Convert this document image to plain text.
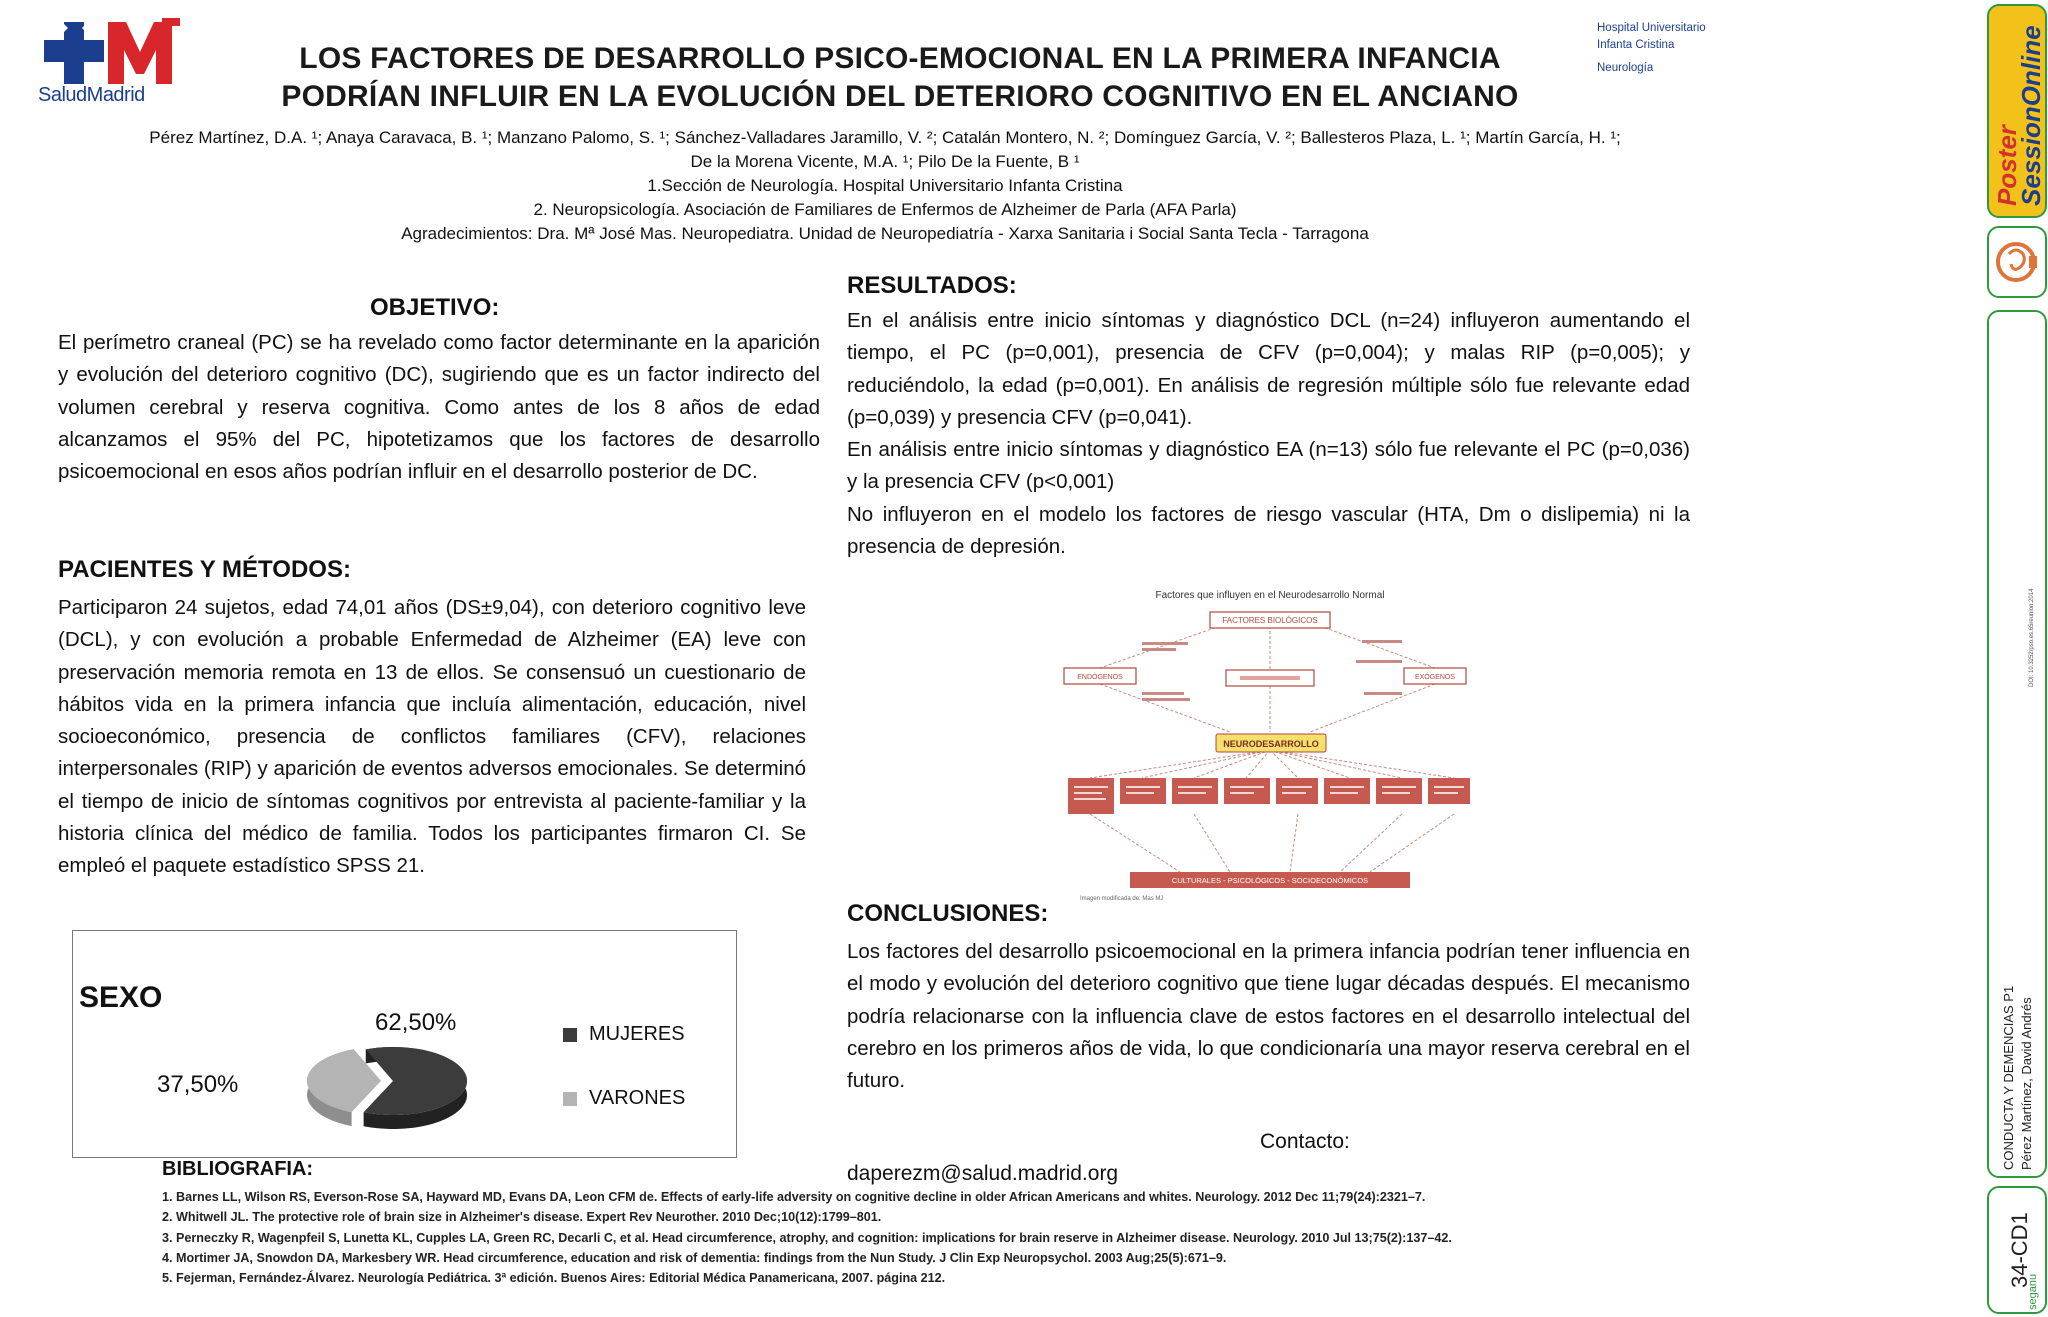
SaludMadrid
LOS FACTORES DE DESARROLLO PSICO-EMOCIONAL EN LA PRIMERA INFANCIA
PODRÍAN INFLUIR EN LA EVOLUCIÓN DEL DETERIORO COGNITIVO EN EL ANCIANO
Hospital Universitario
Infanta Cristina
Neurología
Pérez Martínez, D.A. ¹; Anaya Caravaca, B. ¹; Manzano Palomo, S. ¹; Sánchez-Valladares Jaramillo, V. ²; Catalán Montero, N. ²; Domínguez García, V. ²; Ballesteros Plaza, L. ¹; Martín García, H. ¹;
De la Morena Vicente, M.A. ¹; Pilo De la Fuente, B ¹
1.Sección de Neurología. Hospital Universitario Infanta Cristina
2. Neuropsicología. Asociación de Familiares de Enfermos de Alzheimer de Parla (AFA Parla)
Agradecimientos: Dra. Mª José Mas. Neuropediatra. Unidad de Neuropediatría - Xarxa Sanitaria i Social Santa Tecla - Tarragona
OBJETIVO:
El perímetro craneal (PC) se ha revelado como factor determinante en la aparición y evolución del deterioro cognitivo (DC), sugiriendo que es un factor indirecto del volumen cerebral y reserva cognitiva. Como antes de los 8 años de edad alcanzamos el 95% del PC, hipotetizamos que los factores de desarrollo psicoemocional en esos años podrían influir en el desarrollo posterior de DC.
PACIENTES Y MÉTODOS:
Participaron 24 sujetos, edad 74,01 años (DS±9,04), con deterioro cognitivo leve (DCL), y con evolución a probable Enfermedad de Alzheimer (EA) leve con preservación memoria remota en 13 de ellos. Se consensuó un cuestionario de hábitos vida en la primera infancia que incluía alimentación, educación, nivel socioeconómico, presencia de conflictos familiares (CFV), relaciones interpersonales (RIP) y aparición de eventos adversos emocionales. Se determinó el tiempo de inicio de síntomas cognitivos por entrevista al paciente-familiar y la historia clínica del médico de familia. Todos los participantes firmaron CI. Se empleó el paquete estadístico SPSS 21.
SEXO
62,50%
37,50%
MUJERES
VARONES
RESULTADOS:

En el análisis entre inicio síntomas y diagnóstico DCL (n=24) influyeron aumentando el tiempo, el PC (p=0,001), presencia de CFV (p=0,004); y malas RIP (p=0,005); y reduciéndolo, la edad (p=0,001). En análisis de regresión múltiple sólo fue relevante edad (p=0,039) y presencia CFV (p=0,041).

En análisis entre inicio síntomas y diagnóstico EA (n=13) sólo fue relevante el PC (p=0,036) y la presencia CFV (p<0,001)

No influyeron en el modelo los factores de riesgo vascular (HTA, Dm o dislipemia) ni la presencia de depresión.

Factores que influyen en el Neurodesarrollo Normal
FACTORES BIOLÓGICOS
ENDÓGENOS	EXÓGENOS
NEURODESARROLLO
CULTURALES - PSICOLÓGICOS - SOCIOECONÓMICOS
Imagen modificada de: Mas MJ
CONCLUSIONES:
Los factores del desarrollo psicoemocional en la primera infancia podrían tener influencia en el modo y evolución del deterioro cognitivo que tiene lugar décadas después. El mecanismo podría relacionarse con la influencia clave de estos factores en el desarrollo intelectual del cerebro en los primeros años de vida, lo que condicionaría una mayor reserva cerebral en el futuro.
Contacto:
daperezm@salud.madrid.org
BIBLIOGRAFIA:
1. Barnes LL, Wilson RS, Everson-Rose SA, Hayward MD, Evans DA, Leon CFM de. Effects of early-life adversity on cognitive decline in older African Americans and whites. Neurology. 2012 Dec 11;79(24):2321–7.
2. Whitwell JL. The protective role of brain size in Alzheimer's disease. Expert Rev Neurother. 2010 Dec;10(12):1799–801.
3. Perneczky R, Wagenpfeil S, Lunetta KL, Cupples LA, Green RC, Decarli C, et al. Head circumference, atrophy, and cognition: implications for brain reserve in Alzheimer disease. Neurology. 2010 Jul 13;75(2):137–42.
4. Mortimer JA, Snowdon DA, Markesbery WR. Head circumference, education and risk of dementia: findings from the Nun Study. J Clin Exp Neuropsychol. 2003 Aug;25(5):671–9.
5. Fejerman, Fernández-Álvarez. Neurología Pediátrica. 3ª edición. Buenos Aires: Editorial Médica Panamericana, 2007. página 212.
Poster
SessionOnline
CONDUCTA Y DEMENCIAS P1 Pérez Martínez, David Andrés
DOI: 10.3252/pso.es.65reunion.2014
34-CD1
seganu
